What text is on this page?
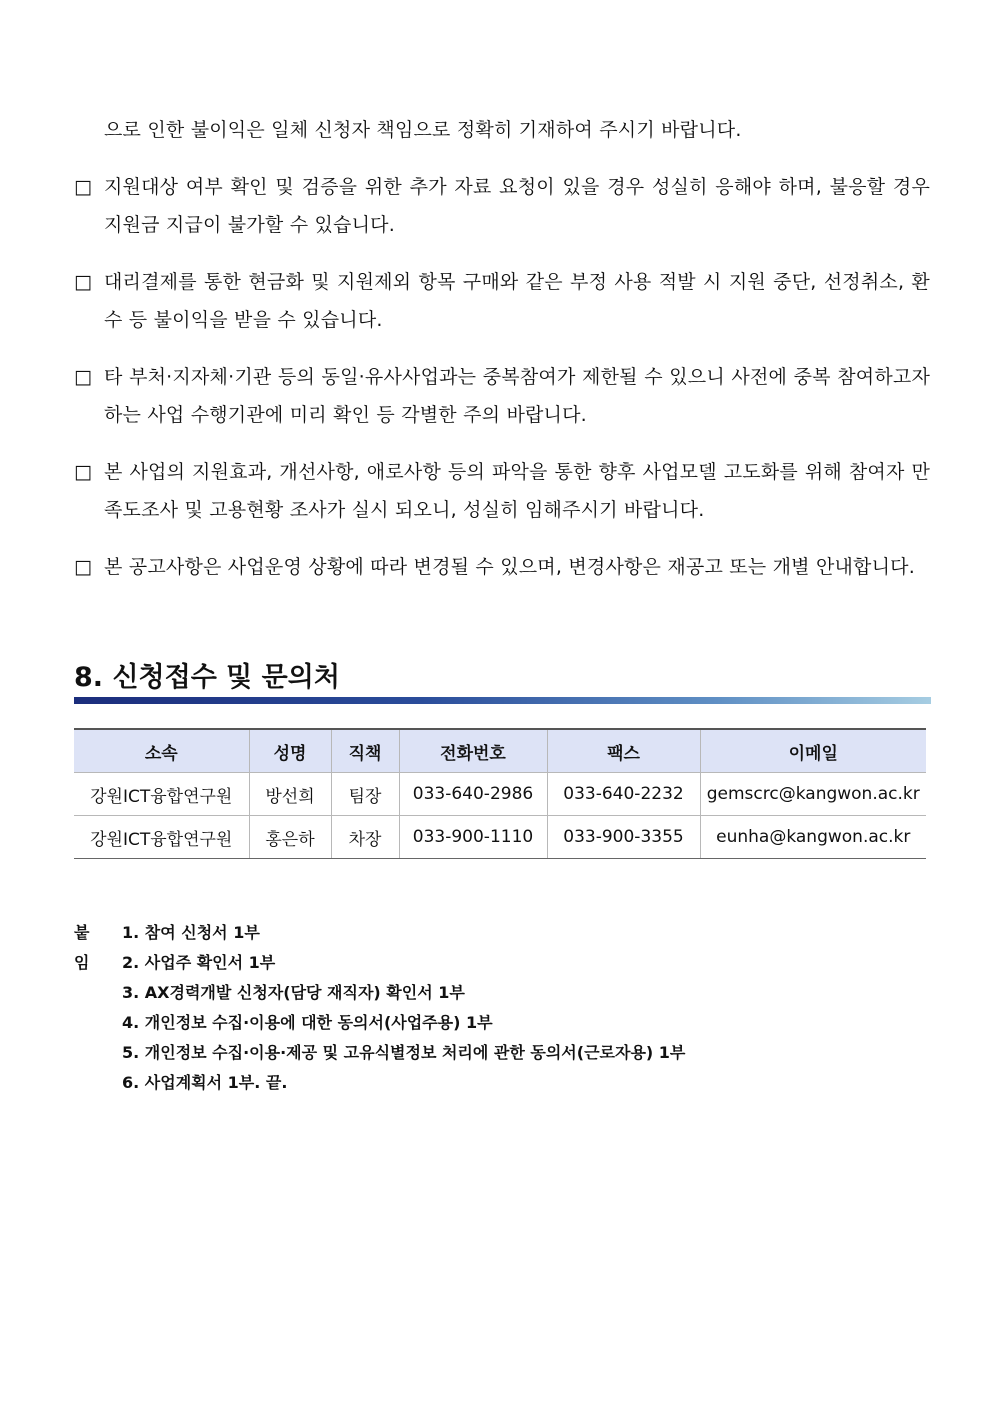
으로 인한 불이익은 일체 신청자 책임으로 정확히 기재하여 주시기 바랍니다.
□ 지원대상 여부 확인 및 검증을 위한 추가 자료 요청이 있을 경우 성실히 응해야 하며, 불응할 경우 지원금 지급이 불가할 수 있습니다.
□ 대리결제를 통한 현금화 및 지원제외 항목 구매와 같은 부정 사용 적발 시 지원 중단, 선정취소, 환수 등 불이익을 받을 수 있습니다.
□ 타 부처·지자체·기관 등의 동일·유사사업과는 중복참여가 제한될 수 있으니 사전에 중복 참여하고자 하는 사업 수행기관에 미리 확인 등 각별한 주의 바랍니다.
□ 본 사업의 지원효과, 개선사항, 애로사항 등의 파악을 통한 향후 사업모델 고도화를 위해 참여자 만족도조사 및 고용현황 조사가 실시 되오니, 성실히 임해주시기 바랍니다.
□ 본 공고사항은 사업운영 상황에 따라 변경될 수 있으며, 변경사항은 재공고 또는 개별 안내합니다.
8. 신청접수 및 문의처
소속	성명	직책	전화번호	팩스	이메일
강원ICT융합연구원	방선희	팀장	033-640-2986	033-640-2232	gemscrc@kangwon.ac.kr
강원ICT융합연구원	홍은하	차장	033-900-1110	033-900-3355	eunha@kangwon.ac.kr
붙임
1. 참여 신청서 1부
2. 사업주 확인서 1부
3. AX경력개발 신청자(담당 재직자) 확인서 1부
4. 개인정보 수집·이용에 대한 동의서(사업주용) 1부
5. 개인정보 수집·이용·제공 및 고유식별정보 처리에 관한 동의서(근로자용) 1부
6. 사업계획서 1부. 끝.
